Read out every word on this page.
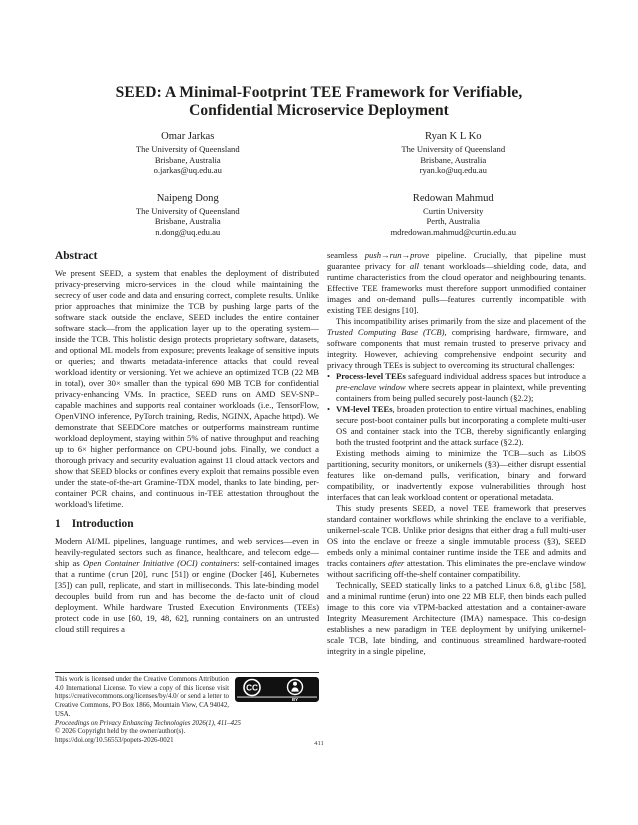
SEED: A Minimal-Footprint TEE Framework for Verifiable,
Confidential Microservice Deployment
Omar Jarkas
The University of Queensland
Brisbane, Australia
o.jarkas@uq.edu.au
Ryan K L Ko
The University of Queensland
Brisbane, Australia
ryan.ko@uq.edu.au
Naipeng Dong
The University of Queensland
Brisbane, Australia
n.dong@uq.edu.au
Redowan Mahmud
Curtin University
Perth, Australia
mdredowan.mahmud@curtin.edu.au
Abstract

We present SEED, a system that enables the deployment of distributed privacy-preserving micro-services in the cloud while maintaining the secrecy of user code and data and ensuring correct, complete results. Unlike prior approaches that minimize the TCB by pushing large parts of the software stack outside the enclave, SEED includes the entire container software stack—from the application layer up to the operating system—inside the TCB. This holistic design protects proprietary software, datasets, and optional ML models from exposure; prevents leakage of sensitive inputs or queries; and thwarts metadata-inference attacks that could reveal workload identity or versioning. Yet we achieve an optimized TCB (22 MB in total), over 30× smaller than the typical 690 MB TCB for confidential privacy-enhancing VMs. In practice, SEED runs on AMD SEV-SNP–capable machines and supports real container workloads (i.e., TensorFlow, OpenVINO inference, PyTorch training, Redis, NGINX, Apache httpd). We demonstrate that SEEDCore matches or outperforms mainstream runtime workload deployment, staying within 5% of native throughput and reaching up to 6× higher performance on CPU-bound jobs. Finally, we conduct a thorough privacy and security evaluation against 11 cloud attack vectors and show that SEED blocks or confines every exploit that remains possible even under the state-of-the-art Gramine-TDX model, thanks to late binding, per-container PCR chains, and continuous in-TEE attestation throughout the workload's lifetime.

1 Introduction

Modern AI/ML pipelines, language runtimes, and web services—even in heavily-regulated sectors such as finance, healthcare, and telecom edge—ship as Open Container Initiative (OCI) containers: self-contained images that a runtime (crun [20], runc [51]) or engine (Docker [46], Kubernetes [35]) can pull, replicate, and start in milliseconds. This late-binding model decouples build from run and has become the de-facto unit of cloud deployment. While hardware Trusted Execution Environments (TEEs) protect code in use [60, 19, 48, 62], running containers on an untrusted cloud still requires a

seamless push→run→prove pipeline. Crucially, that pipeline must guarantee privacy for all tenant workloads—shielding code, data, and runtime characteristics from the cloud operator and neighbouring tenants. Effective TEE frameworks must therefore support unmodified container images and on-demand pulls—features currently incompatible with existing TEE designs [10].

This incompatibility arises primarily from the size and placement of the Trusted Computing Base (TCB), comprising hardware, firmware, and software components that must remain trusted to preserve privacy and integrity. However, achieving comprehensive endpoint security and privacy through TEEs is subject to overcoming its structural challenges:

• Process-level TEEs safeguard individual address spaces but introduce a pre-enclave window where secrets appear in plaintext, while preventing containers from being pulled securely post-launch (§2.2);
• VM-level TEEs, broaden protection to entire virtual machines, enabling secure post-boot container pulls but incorporating a complete multi-user OS and container stack into the TCB, thereby significantly enlarging both the trusted footprint and the attack surface (§2.2).

Existing methods aiming to minimize the TCB—such as LibOS partitioning, security monitors, or unikernels (§3)—either disrupt essential features like on-demand pulls, verification, binary and forward compatibility, or inadvertently expose vulnerabilities through host interfaces that can leak workload content or operational metadata.

This study presents SEED, a novel TEE framework that preserves standard container workflows while shrinking the enclave to a verifiable, unikernel-scale TCB. Unlike prior designs that either drag a full multi-user OS into the enclave or freeze a single immutable process (§3), SEED embeds only a minimal container runtime inside the TEE and admits and tracks containers after attestation. This eliminates the pre-enclave window without sacrificing off-the-shelf container compatibility.

Technically, SEED statically links to a patched Linux 6.8, glibc [58], and a minimal runtime (erun) into one 22 MB ELF, then binds each pulled image to this core via vTPM-backed attestation and a container-aware Integrity Measurement Architecture (IMA) namespace. This co-design establishes a new paradigm in TEE deployment by unifying unikernel-scale TCB, late binding, and continuous streamlined hardware-rooted integrity in a single pipeline,

CC
BY
This work is licensed under the Creative Commons Attribution 4.0 International License. To view a copy of this license visit https://creativecommons.org/licenses/by/4.0/ or send a letter to Creative Commons, PO Box 1866, Mountain View, CA 94042, USA.
Proceedings on Privacy Enhancing Technologies 2026(1), 411–425
© 2026 Copyright held by the owner/author(s).
https://doi.org/10.56553/popets-2026-0021	411
